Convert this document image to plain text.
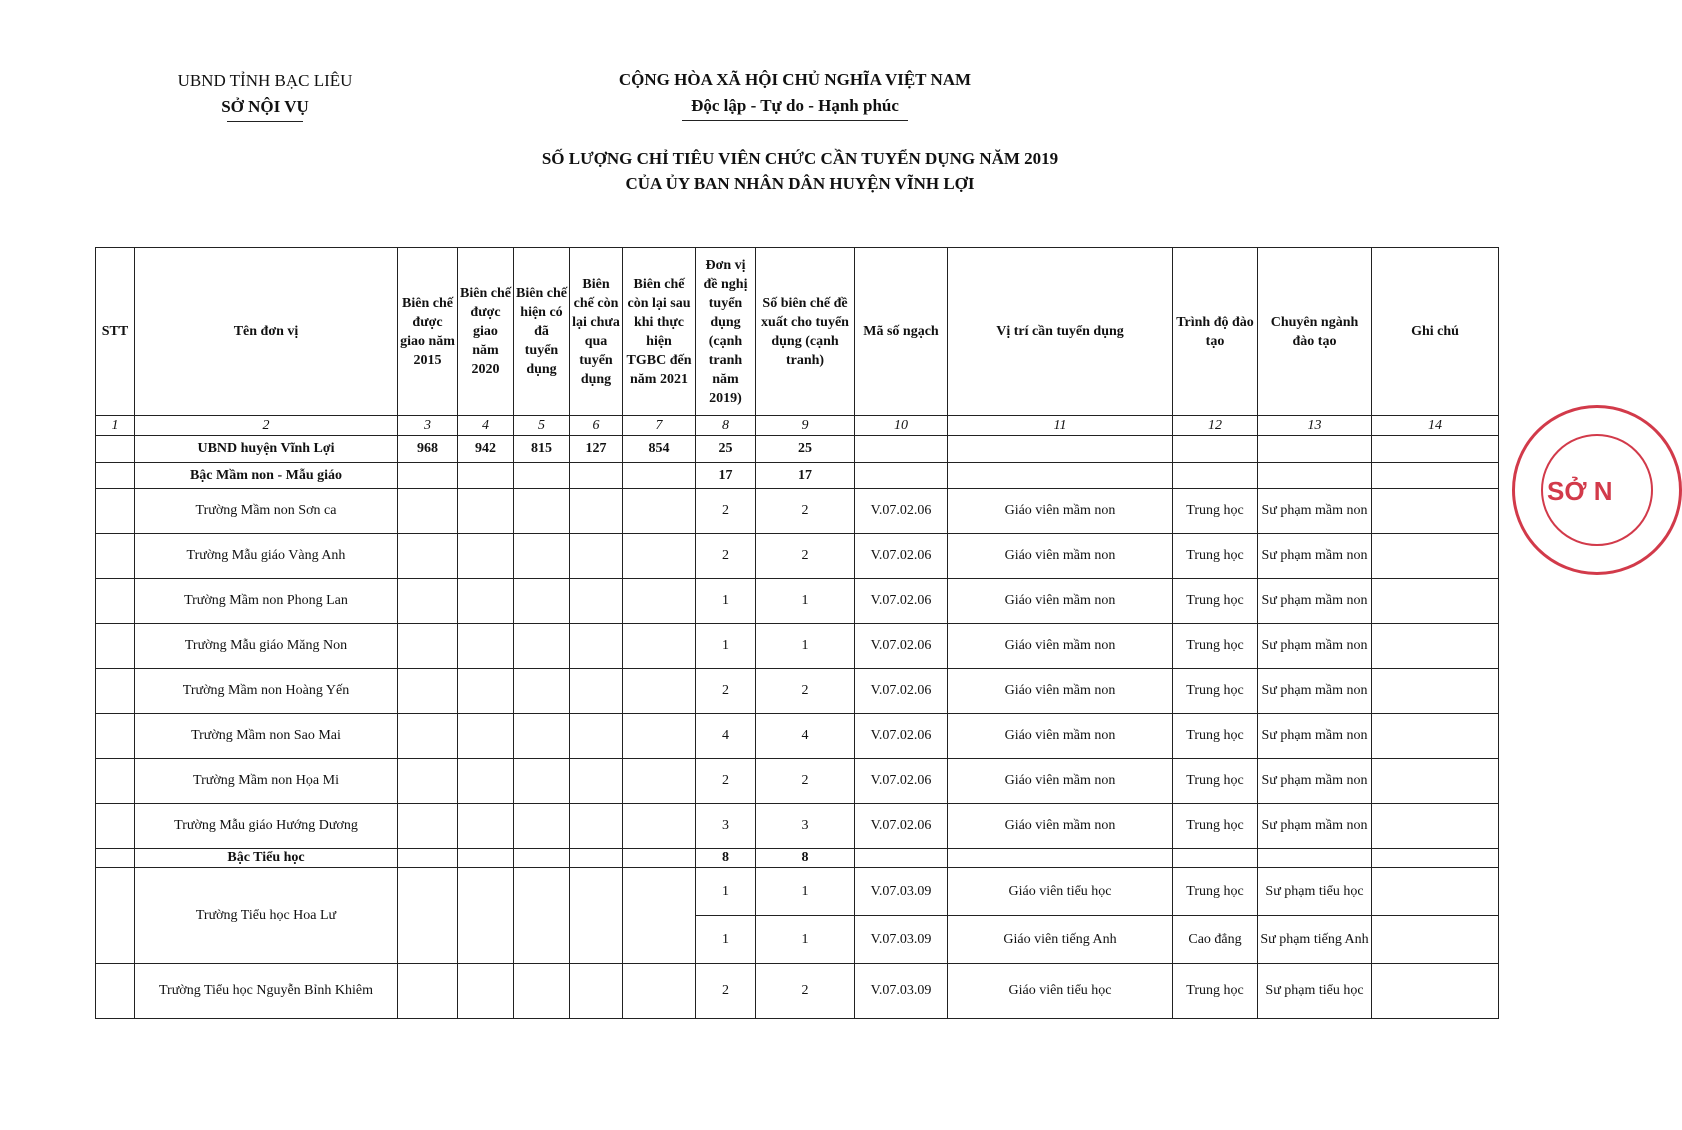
UBND TỈNH BẠC LIÊU
SỞ NỘI VỤ
CỘNG HÒA XÃ HỘI CHỦ NGHĨA VIỆT NAM
Độc lập - Tự do - Hạnh phúc
SỐ LƯỢNG CHỈ TIÊU VIÊN CHỨC CẦN TUYỂN DỤNG NĂM 2019
CỦA ỦY BAN NHÂN DÂN HUYỆN VĨNH LỢI
STT	Tên đơn vị	Biên chế được giao năm 2015	Biên chế được giao năm 2020	Biên chế hiện có đã tuyển dụng	Biên chế còn lại chưa qua tuyển dụng	Biên chế còn lại sau khi thực hiện TGBC đến năm 2021	Đơn vị đề nghị tuyển dụng (cạnh tranh năm 2019)	Số biên chế đề xuất cho tuyển dụng (cạnh tranh)	Mã số ngạch	Vị trí cần tuyển dụng	Trình độ đào tạo	Chuyên ngành đào tạo	Ghi chú
1	2	3	4	5	6	7	8	9	10	11	12	13	14
	UBND huyện Vĩnh Lợi	968	942	815	127	854	25	25					
	Bậc Mầm non - Mẫu giáo						17	17					
	Trường Mầm non Sơn ca						2	2	V.07.02.06	Giáo viên mầm non	Trung học	Sư phạm mầm non	
	Trường Mẫu giáo Vàng Anh						2	2	V.07.02.06	Giáo viên mầm non	Trung học	Sư phạm mầm non	
	Trường Mầm non Phong Lan						1	1	V.07.02.06	Giáo viên mầm non	Trung học	Sư phạm mầm non	
	Trường Mẫu giáo Măng Non						1	1	V.07.02.06	Giáo viên mầm non	Trung học	Sư phạm mầm non	
	Trường Mầm non Hoàng Yến						2	2	V.07.02.06	Giáo viên mầm non	Trung học	Sư phạm mầm non	
	Trường Mầm non Sao Mai						4	4	V.07.02.06	Giáo viên mầm non	Trung học	Sư phạm mầm non	
	Trường Mầm non Họa Mi						2	2	V.07.02.06	Giáo viên mầm non	Trung học	Sư phạm mầm non	
	Trường Mẫu giáo Hướng Dương						3	3	V.07.02.06	Giáo viên mầm non	Trung học	Sư phạm mầm non	
	Bậc Tiểu học						8	8					
	Trường Tiểu học Hoa Lư						1	1	V.07.03.09	Giáo viên tiểu học	Trung học	Sư phạm tiểu học	
							1	1	V.07.03.09	Giáo viên tiếng Anh	Cao đẳng	Sư phạm tiếng Anh	
	Trường Tiểu học Nguyễn Bỉnh Khiêm						2	2	V.07.03.09	Giáo viên tiểu học	Trung học	Sư phạm tiểu học	
SỞ N
